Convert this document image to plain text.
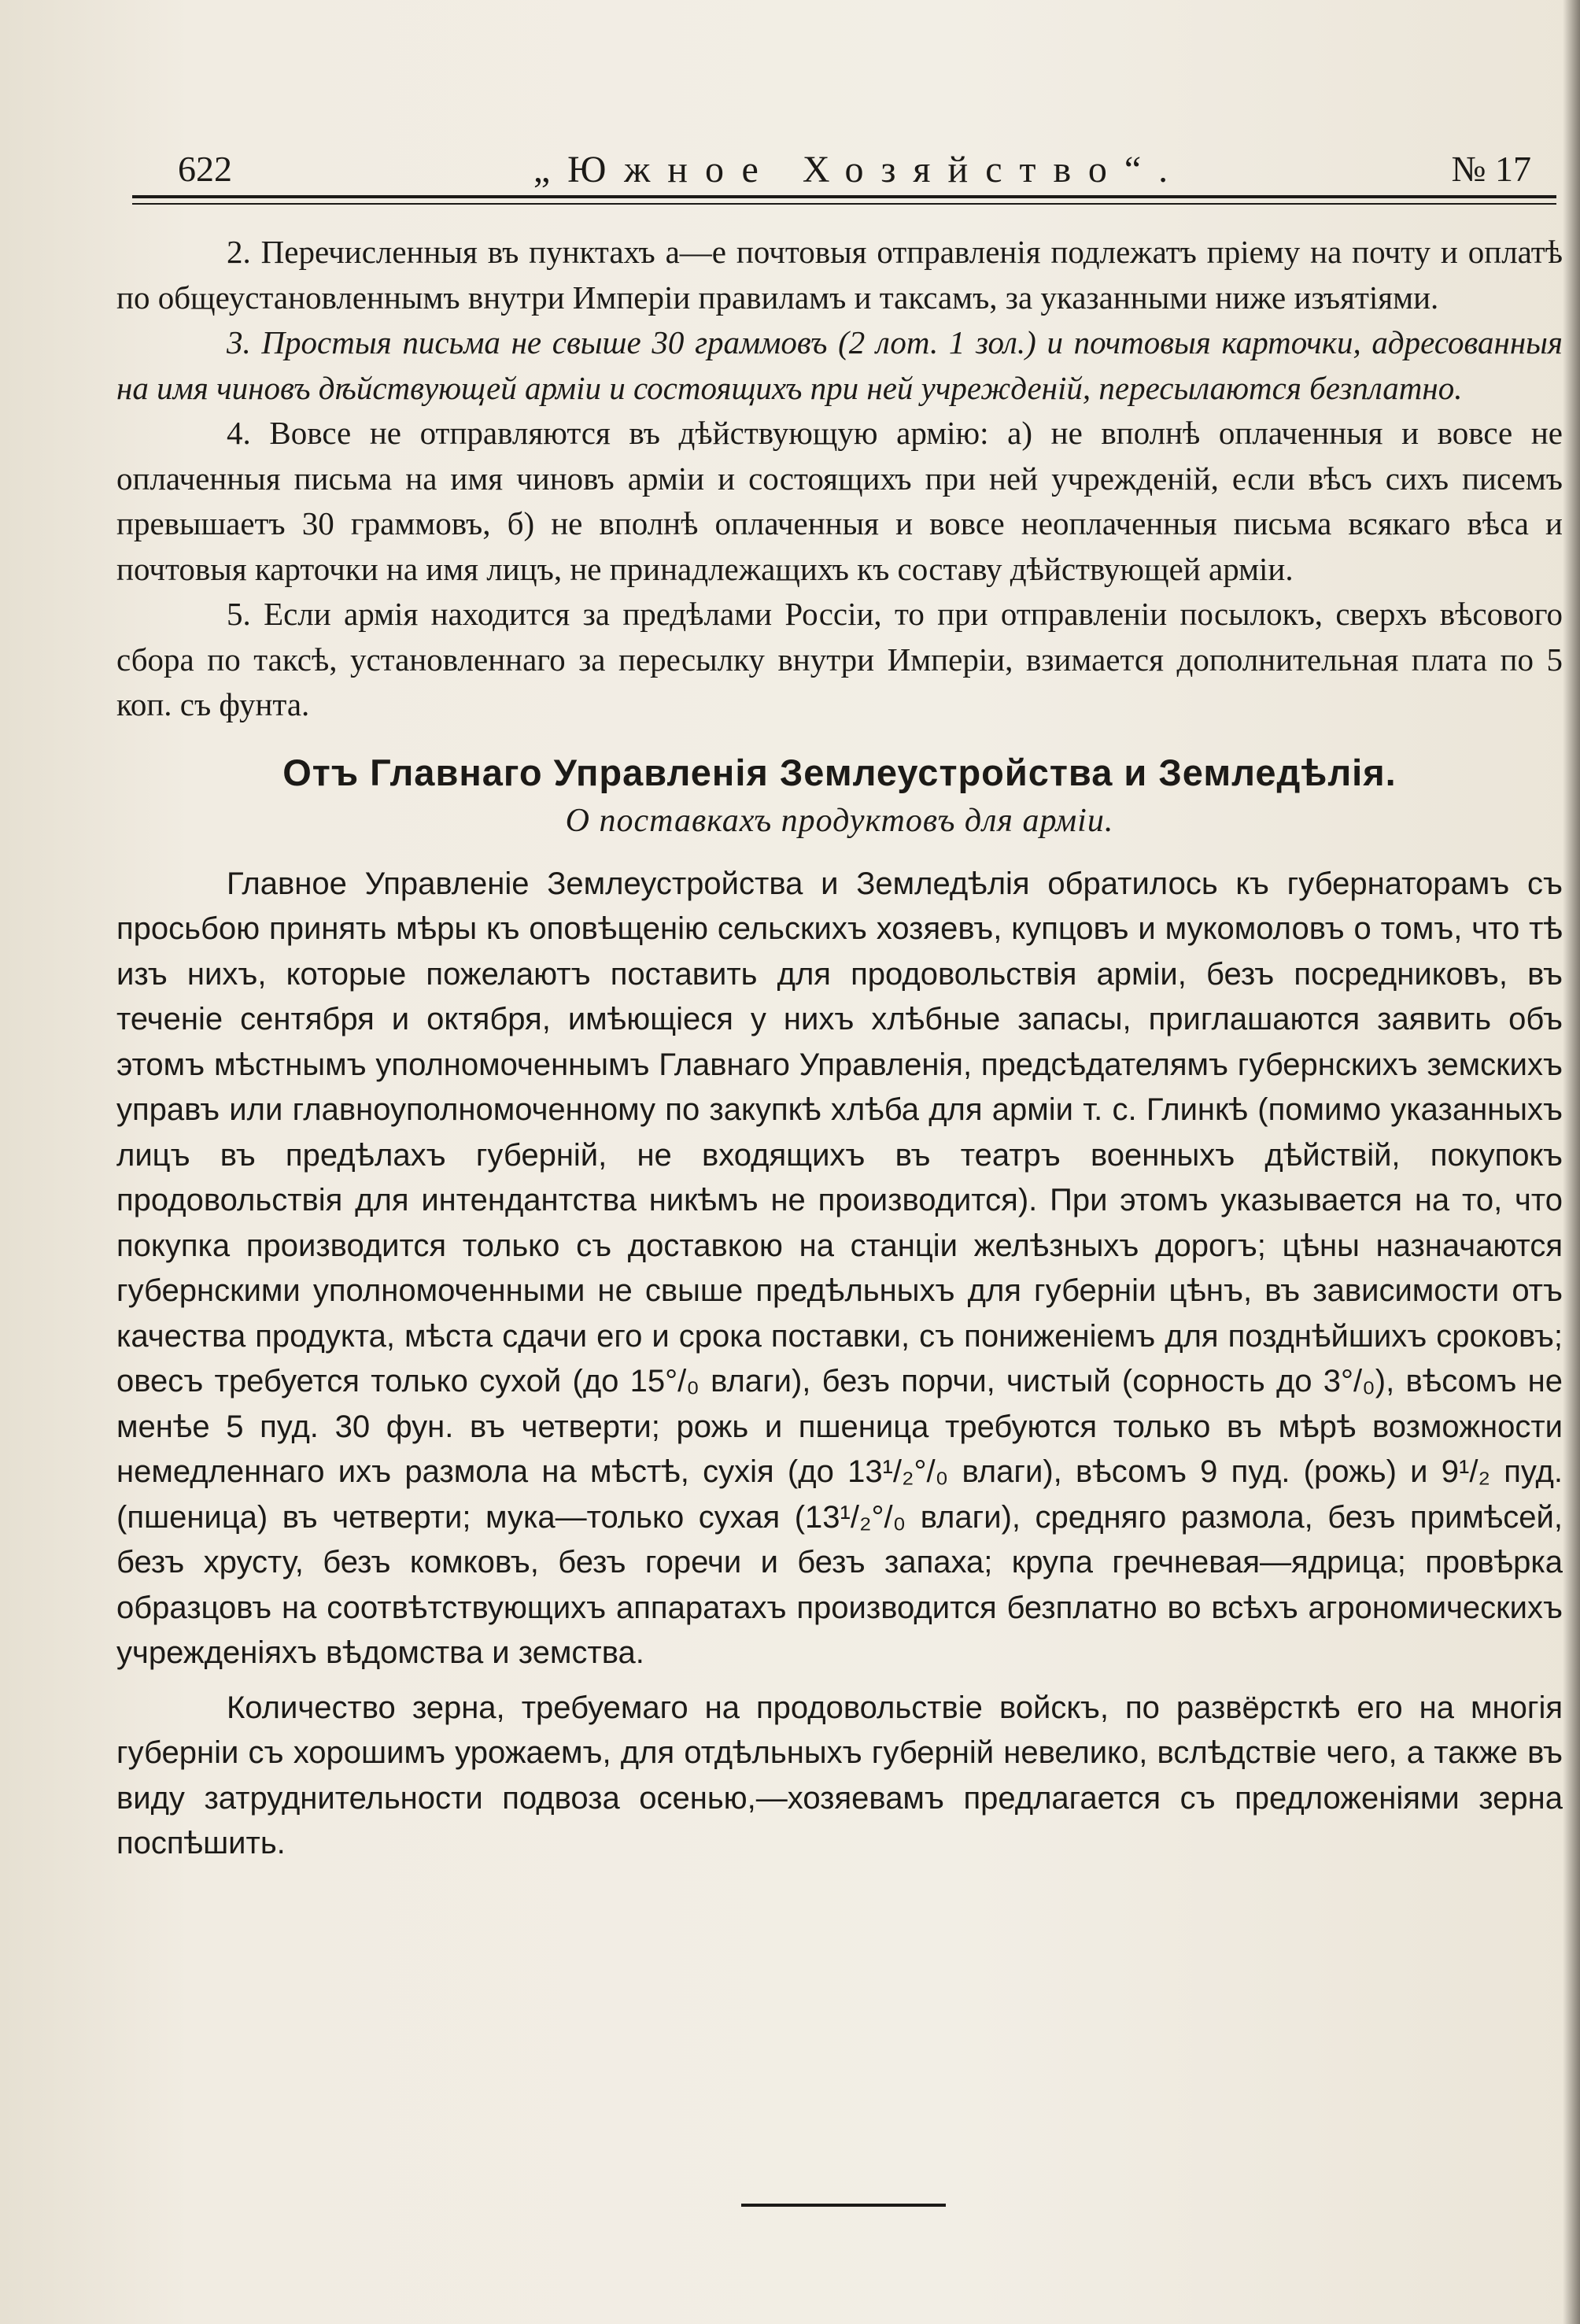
622	„Южное Хозяйство“.	№ 17

2. Перечисленныя въ пунктахъ а—е почтовыя отправленія подлежатъ пріему на почту и оплатѣ по общеустановленнымъ внутри Имперіи правиламъ и таксамъ, за указанными ниже изъятіями.

3. Простыя письма не свыше 30 граммовъ (2 лот. 1 зол.) и почтовыя карточки, адресованныя на имя чиновъ дѣйствующей арміи и состоящихъ при ней учрежденій, пересылаются безплатно.

4. Вовсе не отправляются въ дѣйствующую армію: а) не вполнѣ оплаченныя и вовсе не оплаченныя письма на имя чиновъ арміи и состоящихъ при ней учрежденій, если вѣсъ сихъ писемъ превышаетъ 30 граммовъ, б) не вполнѣ оплаченныя и вовсе неоплаченныя письма всякаго вѣса и почтовыя карточки на имя лицъ, не принадлежащихъ къ составу дѣйствующей арміи.

5. Если армія находится за предѣлами Россіи, то при отправленіи посылокъ, сверхъ вѣсового сбора по таксѣ, установленнаго за пересылку внутри Имперіи, взимается дополнительная плата по 5 коп. съ фунта.

Отъ Главнаго Управленія Землеустройства и Земледѣлія.
О поставкахъ продуктовъ для арміи.

Главное Управленіе Землеустройства и Земледѣлія обратилось къ губернаторамъ съ просьбою принять мѣры къ оповѣщенію сельскихъ хозяевъ, купцовъ и мукомоловъ о томъ, что тѣ изъ нихъ, которые пожелаютъ поставить для продовольствія арміи, безъ посредниковъ, въ теченіе сентября и октября, имѣющіеся у нихъ хлѣбные запасы, приглашаются заявить объ этомъ мѣстнымъ уполномоченнымъ Главнаго Управленія, предсѣдателямъ губернскихъ земскихъ управъ или главноуполномоченному по закупкѣ хлѣба для арміи т. с. Глинкѣ (помимо указанныхъ лицъ въ предѣлахъ губерній, не входящихъ въ театръ военныхъ дѣйствій, покупокъ продовольствія для интендантства никѣмъ не производится). При этомъ указывается на то, что покупка производится только съ доставкою на станціи желѣзныхъ дорогъ; цѣны назначаются губернскими уполномоченными не свыше предѣльныхъ для губерніи цѣнъ, въ зависимости отъ качества продукта, мѣста сдачи его и срока поставки, съ пониженіемъ для позднѣйшихъ сроковъ; овесъ требуется только сухой (до 15°/₀ влаги), безъ порчи, чистый (сорность до 3°/₀), вѣсомъ не менѣе 5 пуд. 30 фун. въ четверти; рожь и пшеница требуются только въ мѣрѣ возможности немедленнаго ихъ размола на мѣстѣ, сухія (до 13¹/₂°/₀ влаги), вѣсомъ 9 пуд. (рожь) и 9¹/₂ пуд. (пшеница) въ четверти; мука—только сухая (13¹/₂°/₀ влаги), средняго размола, безъ примѣсей, безъ хрусту, безъ комковъ, безъ горечи и безъ запаха; крупа гречневая—ядрица; провѣрка образцовъ на соотвѣтствующихъ аппаратахъ производится безплатно во всѣхъ агрономическихъ учрежденіяхъ вѣдомства и земства.

Количество зерна, требуемаго на продовольствіе войскъ, по развёрсткѣ его на многія губерніи съ хорошимъ урожаемъ, для отдѣльныхъ губерній невелико, вслѣдствіе чего, а также въ виду затруднительности подвоза осенью,—хозяевамъ предлагается съ предложеніями зерна поспѣшить.
